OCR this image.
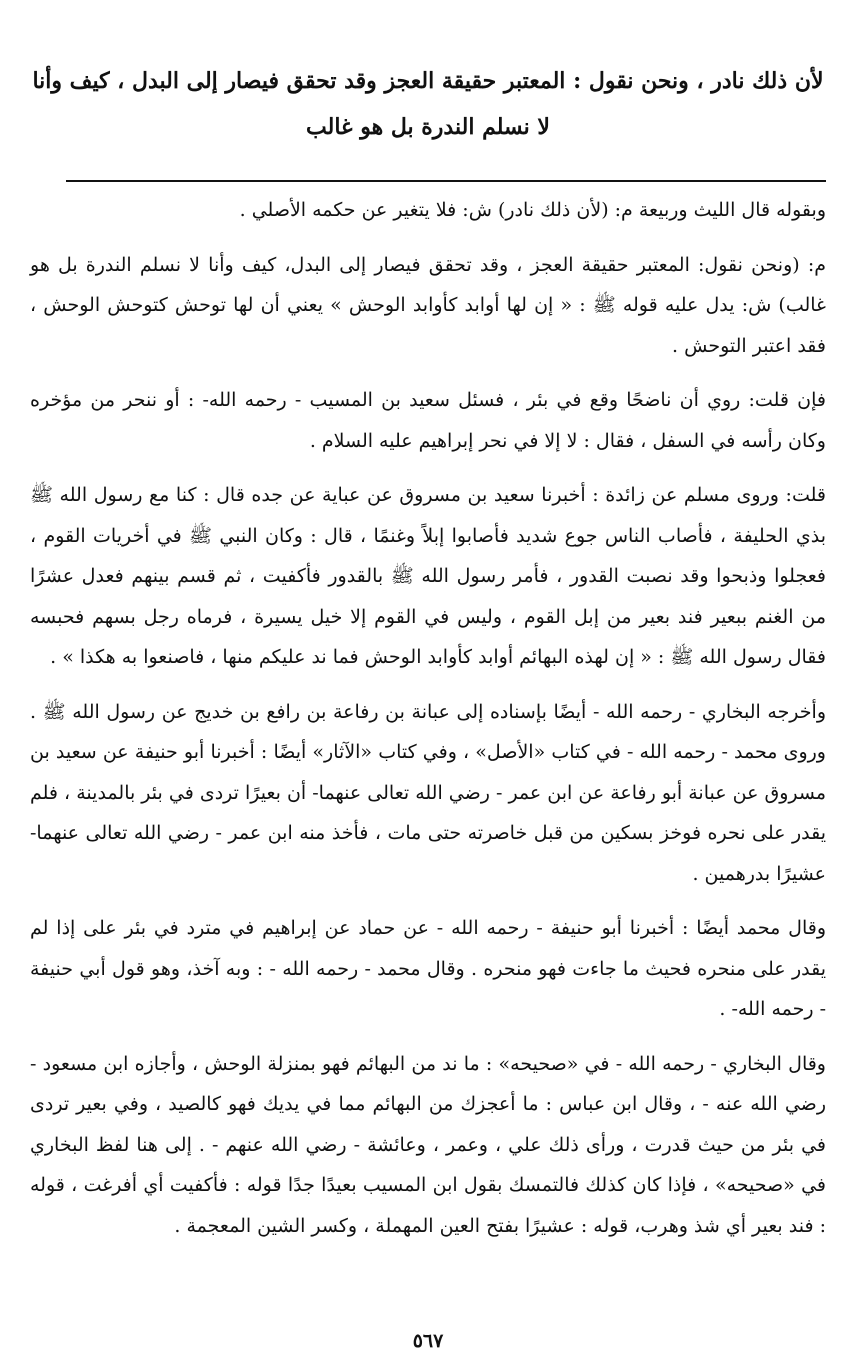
لأن ذلك نادر ، ونحن نقول : المعتبر حقيقة العجز وقد تحقق فيصار إلى البدل ، كيف وأنا لا نسلم الندرة بل هو غالب

وبقوله قال الليث وربيعة م: (لأن ذلك نادر) ش: فلا يتغير عن حكمه الأصلي .

م: (ونحن نقول: المعتبر حقيقة العجز ، وقد تحقق فيصار إلى البدل، كيف وأنا لا نسلم الندرة بل هو غالب) ش: يدل عليه قوله ﷺ : « إن لها أوابد كأوابد الوحش » يعني أن لها توحش كتوحش الوحش ، فقد اعتبر التوحش .

فإن قلت: روي أن ناضحًا وقع في بئر ، فسئل سعيد بن المسيب - رحمه الله- : أو ننحر من مؤخره وكان رأسه في السفل ، فقال : لا إلا في نحر إبراهيم عليه السلام .

قلت: وروى مسلم عن زائدة : أخبرنا سعيد بن مسروق عن عباية عن جده قال : كنا مع رسول الله ﷺ بذي الحليفة ، فأصاب الناس جوع شديد فأصابوا إبلاً وغنمًا ، قال : وكان النبي ﷺ في أخريات القوم ، فعجلوا وذبحوا وقد نصبت القدور ، فأمر رسول الله ﷺ بالقدور فأكفيت ، ثم قسم بينهم فعدل عشرًا من الغنم ببعير فند بعير من إبل القوم ، وليس في القوم إلا خيل يسيرة ، فرماه رجل بسهم فحبسه فقال رسول الله ﷺ : « إن لهذه البهائم أوابد كأوابد الوحش فما ند عليكم منها ، فاصنعوا به هكذا » .

وأخرجه البخاري - رحمه الله - أيضًا بإسناده إلى عبانة بن رفاعة بن رافع بن خديج عن رسول الله ﷺ . وروى محمد - رحمه الله - في كتاب «الأصل» ، وفي كتاب «الآثار» أيضًا : أخبرنا أبو حنيفة عن سعيد بن مسروق عن عبانة أبو رفاعة عن ابن عمر - رضي الله تعالى عنهما- أن بعيرًا تردى في بئر بالمدينة ، فلم يقدر على نحره فوخز بسكين من قبل خاصرته حتى مات ، فأخذ منه ابن عمر - رضي الله تعالى عنهما- عشيرًا بدرهمين .

وقال محمد أيضًا : أخبرنا أبو حنيفة - رحمه الله - عن حماد عن إبراهيم في مترد في بئر على إذا لم يقدر على منحره فحيث ما جاءت فهو منحره . وقال محمد - رحمه الله - : وبه آخذ، وهو قول أبي حنيفة - رحمه الله- .

وقال البخاري - رحمه الله - في «صحيحه» : ما ند من البهائم فهو بمنزلة الوحش ، وأجازه ابن مسعود - رضي الله عنه - ، وقال ابن عباس : ما أعجزك من البهائم مما في يديك فهو كالصيد ، وفي بعير تردى في بئر من حيث قدرت ، ورأى ذلك علي ، وعمر ، وعائشة - رضي الله عنهم - . إلى هنا لفظ البخاري في «صحيحه» ، فإذا كان كذلك فالتمسك بقول ابن المسيب بعيدًا جدًا قوله : فأكفيت أي أفرغت ، قوله : فند بعير أي شذ وهرب، قوله : عشيرًا بفتح العين المهملة ، وكسر الشين المعجمة .

٥٦٧
